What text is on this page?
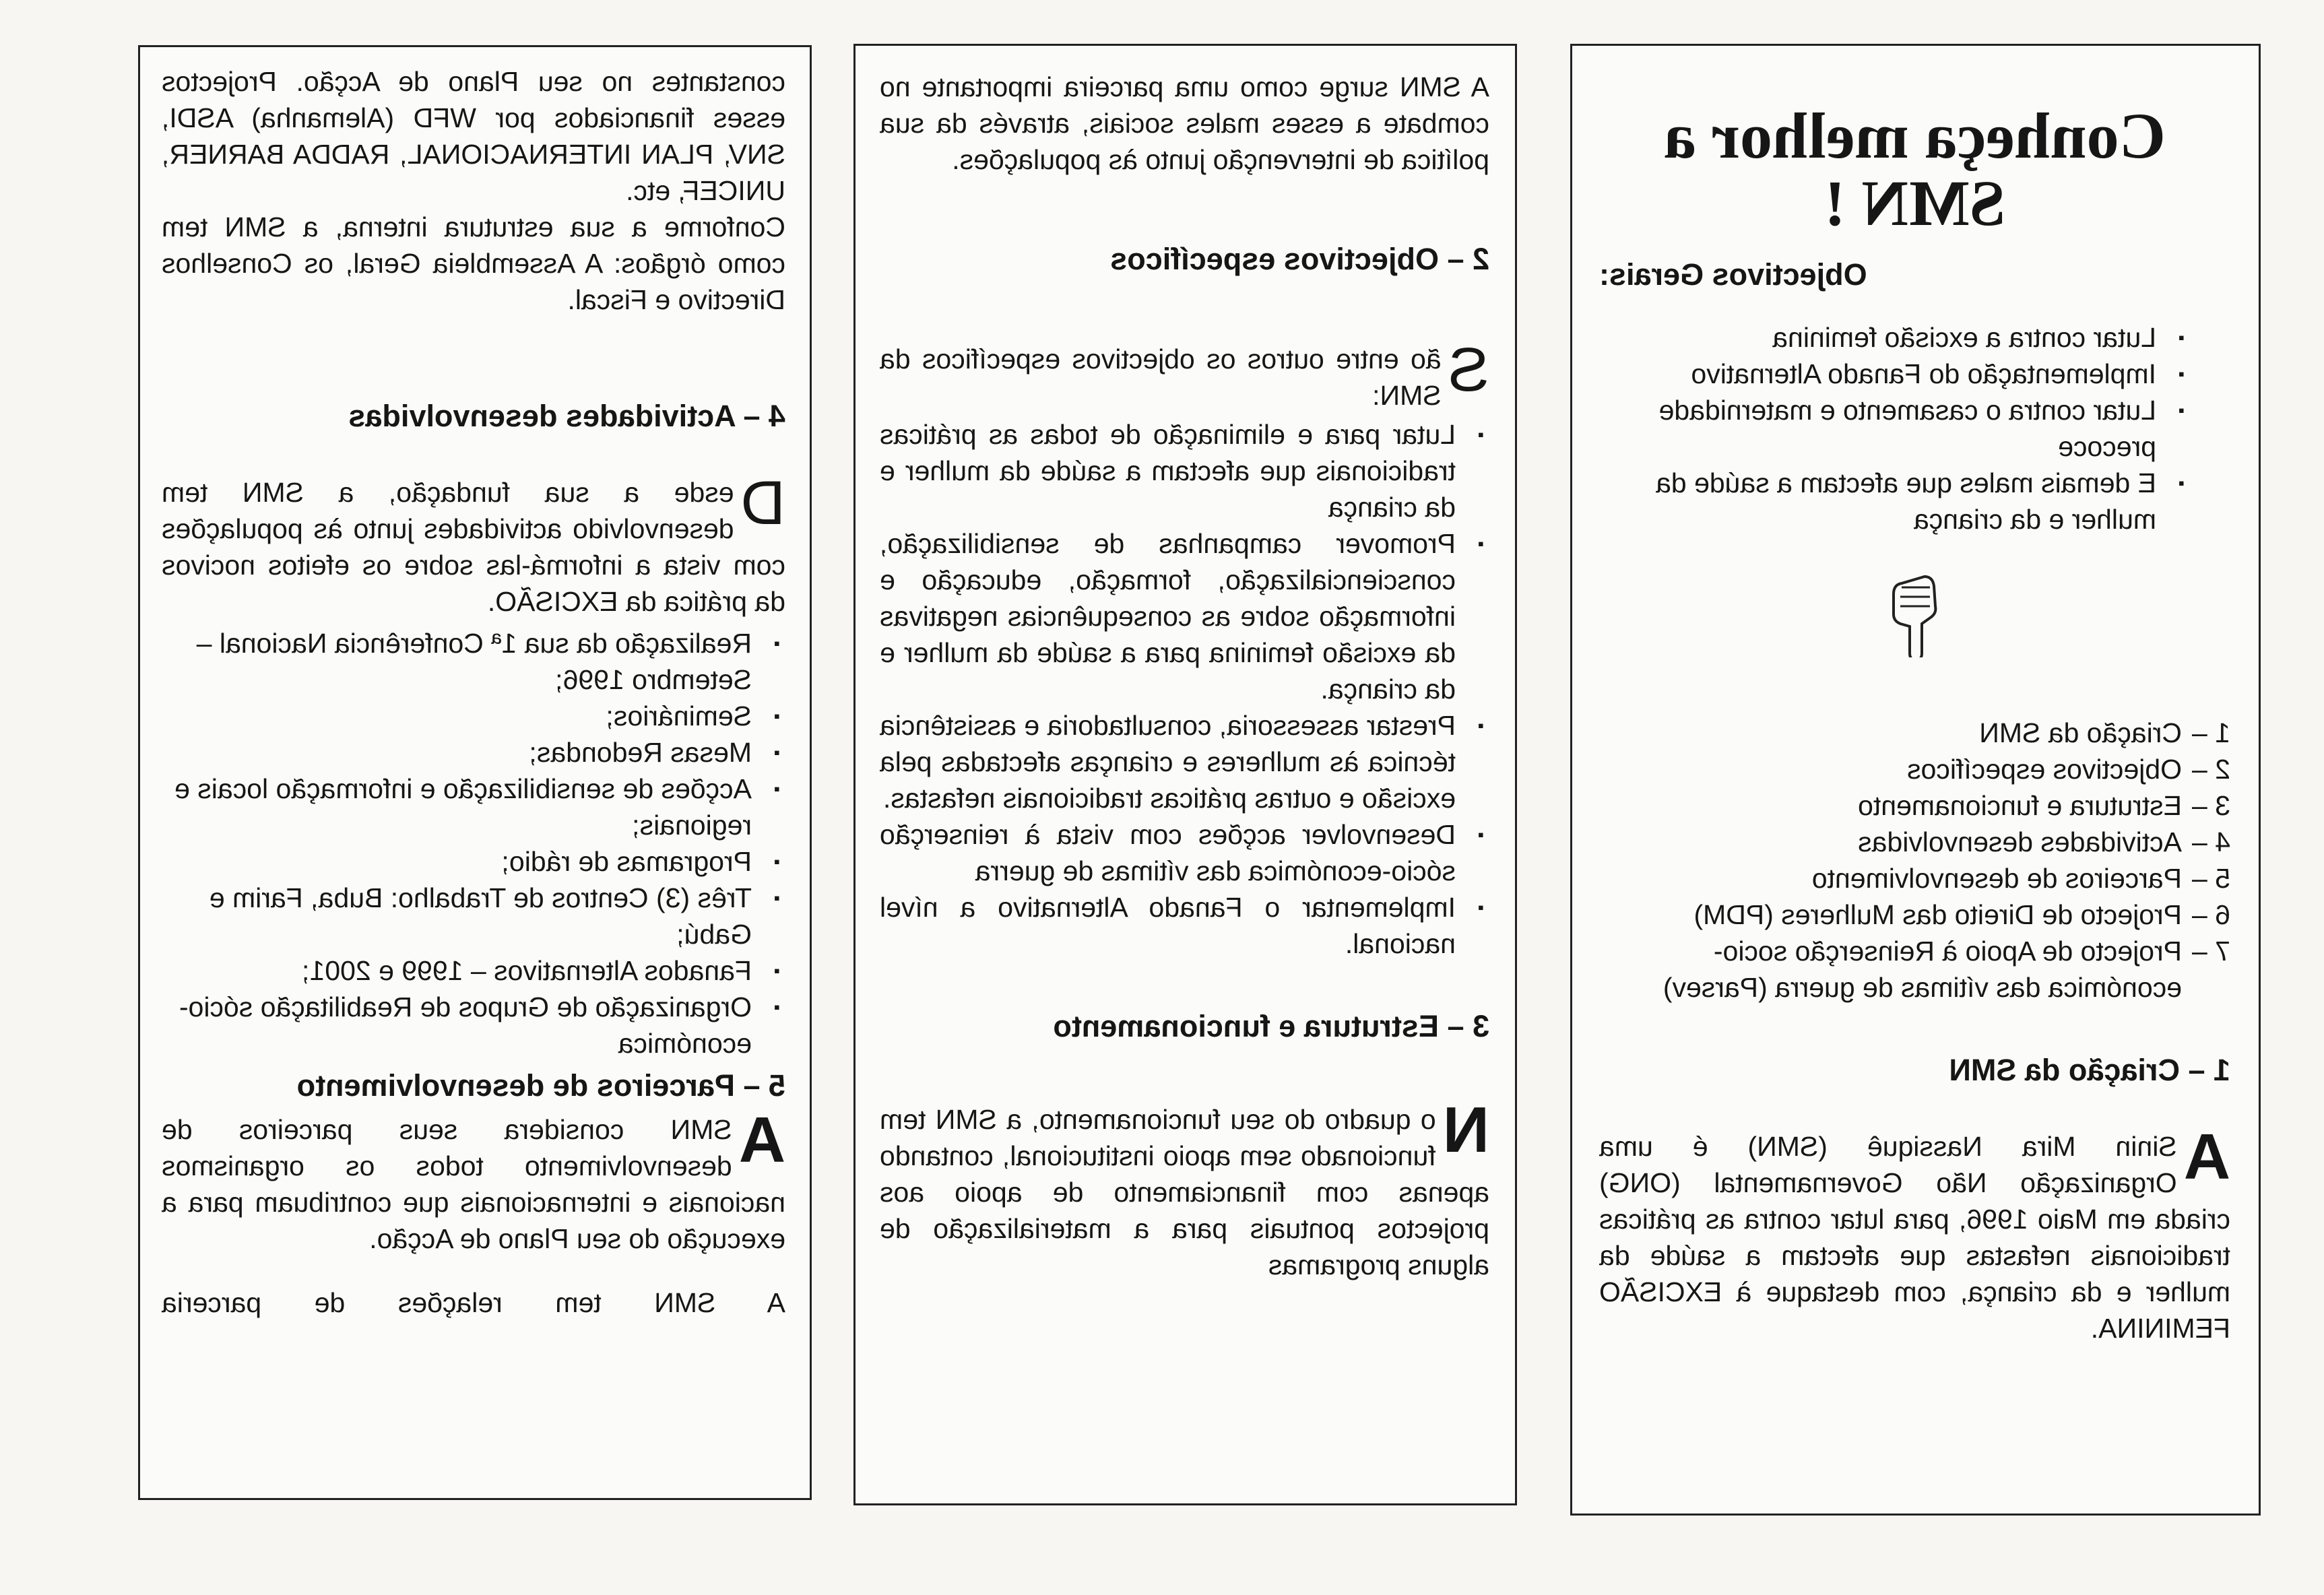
Conheça melhor a
SMN !
Objectivos Gerais:
▪ Lutar contra a excisão feminina
▪ Implementação do Fanado Alternativo
▪ Lutar contra o casamento e maternidade precoce
▪ E demais males que afectam a saúde da mulher e da criança
1 –Criação da SMN
2 –Objectivos específicos
3 –Estrutura e funcionamento
4 –Actividades desenvolvidas
5 –Parceiros de desenvolvimento
6 –Projecto de Direito das Mulheres (PDM)
7 –
Projecto de Apoio à Reinserção socio-económica das vítimas de guerra (Parsev)
1 – Criação da SMN

A
Sinin Mira Nassiquê (SMN) é uma Organização Não Governamental (ONG) criada em Maio 1996, para lutar contra as práticas tradicionais nefastas que afectam a saúde da mulher e da criança, com destaque à EXCISÃO FEMININA.

A SMN surge como uma parceira importante no combate a esses males sociais, através da sua política de intervenção junto às populações.

2 – Objectivos específicos

S
ão entre outros os objectivos específicos da SMN:

▪ Lutar para e eliminação de todas as práticas tradicionais que afectam a saúde da mulher e da criança
▪ Promover campanhas de sensibilização, consciencialização, formação, educação e informação sobre as consequências negativas da excisão feminina para a saúde da mulher e da criança.
▪ Prestar assessoria, consultadoria e assistência técnica às mulheres e crianças afectadas pela excisão e outras práticas tradicionais nefastas.
▪ Desenvolver acções com vista à reinserção sócio-económica das vítimas de guerra
▪ Implementar o Fanado Alternativo a nível nacional.
3 – Estrutura e funcionamento

N
o quadro do seu funcionamento, a SMN tem funcionado sem apoio institucional, contando apenas com financiamento de apoio aos projectos pontuais para a materialização de alguns programas

constantes no seu Plano de Acção. Projectos esses financiados por WFD (Alemanha) ASDI, SNV, PLAN INTERNACIONAL, RADDA BARNER, UNICEF, etc.

Conforme a sua estrutura interna, a SMN tem como órgãos: A Assembleia Geral, os Conselhos Directivo e Fiscal.

4 – Actividades desenvolvidas

D
esde a sua fundação, a SMN tem desenvolvido actividades junto às populações com vista a informá-las sobre os efeitos nocivos da prática da EXCISÃO.

▪ Realização da sua 1ª Conferência Nacional – Setembro 1996;
▪ Seminários;
▪ Mesas Redondas;
▪ Acções de sensibilização e informação locais e regionais;
▪ Programas de rádio;
▪ Três (3) Centros de Trabalho: Buba, Farim e Gabú;
▪ Fanados Alternativos – 1999 e 2001;
▪ Organização de Grupos de Reabilitação sócio-económica
5 – Parceiros de desenvolvimento

A
SMN considera seus parceiros de desenvolvimento todos os organismos nacionais e internacionais que contribuam para a execução do seu Plano de Acção.

A SMN tem relações de parceria
